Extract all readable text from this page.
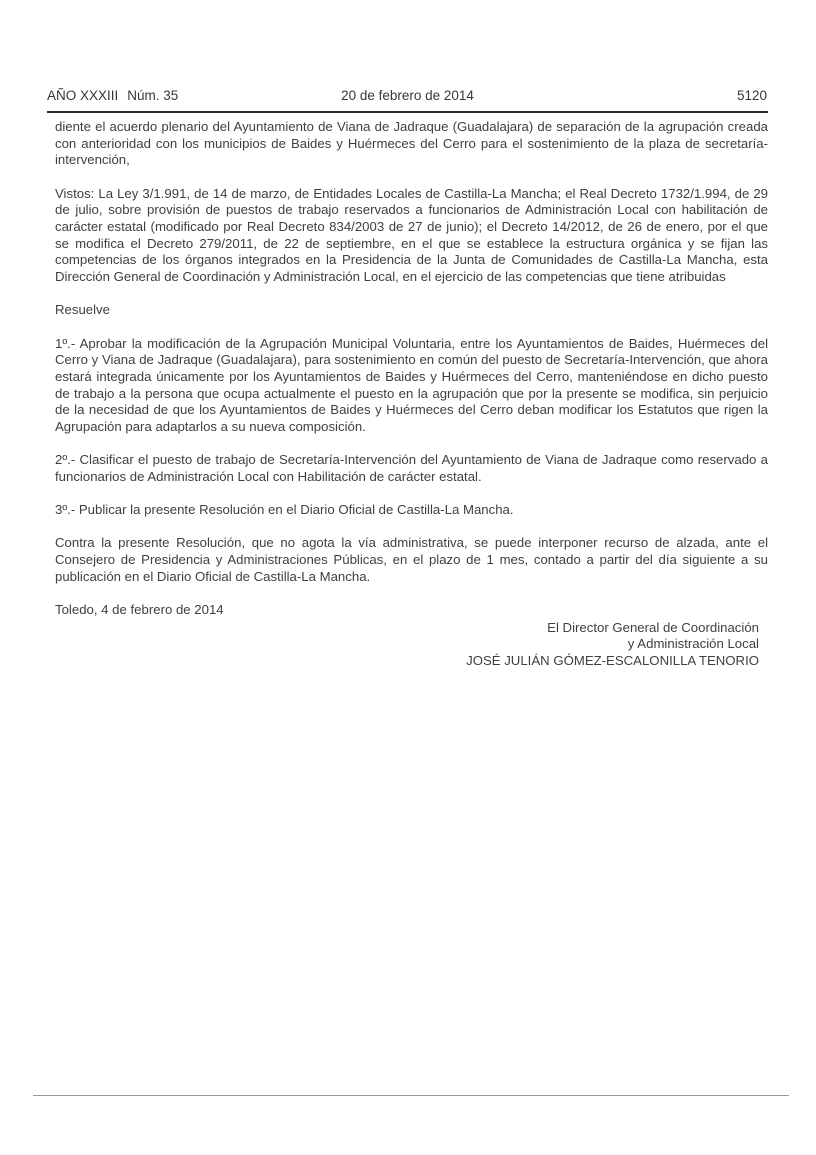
AÑO XXXIII Núm. 35	20 de febrero de 2014	5120

diente el acuerdo plenario del Ayuntamiento de Viana de Jadraque (Guadalajara) de separación de la agrupación creada con anterioridad con los municipios de Baides y Huérmeces del Cerro para el sostenimiento de la plaza de secretaría-intervención,

Vistos: La Ley 3/1.991, de 14 de marzo, de Entidades Locales de Castilla-La Mancha; el Real Decreto 1732/1.994, de 29 de julio, sobre provisión de puestos de trabajo reservados a funcionarios de Administración Local con habilitación de carácter estatal (modificado por Real Decreto 834/2003 de 27 de junio); el Decreto 14/2012, de 26 de enero, por el que se modifica el Decreto 279/2011, de 22 de septiembre, en el que se establece la estructura orgánica y se fijan las competencias de los órganos integrados en la Presidencia de la Junta de Comunidades de Castilla-La Mancha, esta Dirección General de Coordinación y Administración Local, en el ejercicio de las competencias que tiene atribuidas

Resuelve

1º.- Aprobar la modificación de la Agrupación Municipal Voluntaria, entre los Ayuntamientos de Baides, Huérmeces del Cerro y Viana de Jadraque (Guadalajara), para sostenimiento en común del puesto de Secretaría-Intervención, que ahora estará integrada únicamente por los Ayuntamientos de Baides y Huérmeces del Cerro, manteniéndose en dicho puesto de trabajo a la persona que ocupa actualmente el puesto en la agrupación que por la presente se modifica, sin perjuicio de la necesidad de que los Ayuntamientos de Baides y Huérmeces del Cerro deban modificar los Estatutos que rigen la Agrupación para adaptarlos a su nueva composición.

2º.- Clasificar el puesto de trabajo de Secretaría-Intervención del Ayuntamiento de Viana de Jadraque como reservado a funcionarios de Administración Local con Habilitación de carácter estatal.

3º.- Publicar la presente Resolución en el Diario Oficial de Castilla-La Mancha.

Contra la presente Resolución, que no agota la vía administrativa, se puede interponer recurso de alzada, ante el Consejero de Presidencia y Administraciones Públicas, en el plazo de 1 mes, contado a partir del día siguiente a su publicación en el Diario Oficial de Castilla-La Mancha.

Toledo, 4 de febrero de 2014

El Director General de Coordinación
y Administración Local
JOSÉ JULIÁN GÓMEZ-ESCALONILLA TENORIO
